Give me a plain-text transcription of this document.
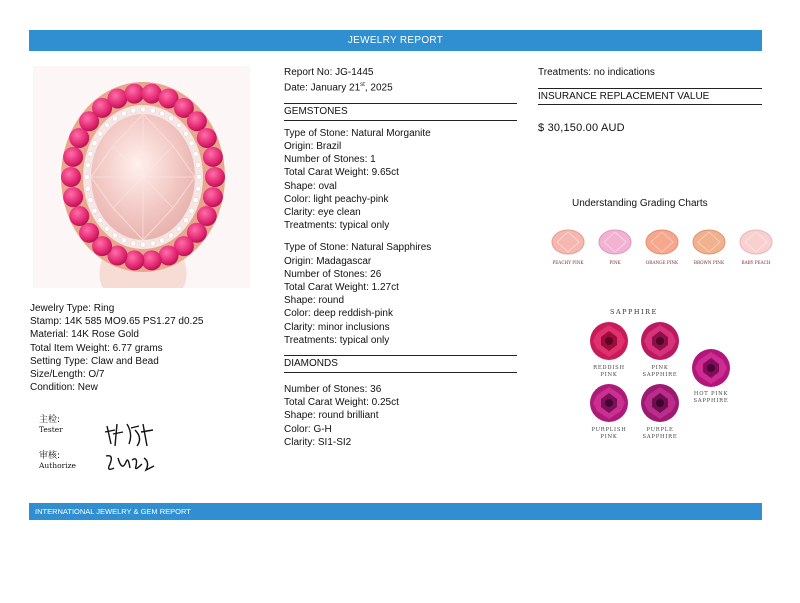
JEWELRY REPORT
Jewelry Type: Ring
Stamp: 14K 585 MO9.65 PS1.27 d0.25
Material: 14K Rose Gold
Total Item Weight: 6.77 grams
Setting Type: Claw and Bead
Size/Length: O/7
Condition: New
主检:
Tester
审核:
Authorize
Report No: JG-1445
Date: January 21st, 2025
GEMSTONES
Type of Stone: Natural Morganite
Origin: Brazil
Number of Stones: 1
Total Carat Weight: 9.65ct
Shape: oval
Color: light peachy-pink
Clarity: eye clean
Treatments: typical only
Type of Stone: Natural Sapphires
Origin: Madagascar
Number of Stones: 26
Total Carat Weight: 1.27ct
Shape: round
Color: deep reddish-pink
Clarity: minor inclusions
Treatments: typical only
DIAMONDS
Number of Stones: 36
Total Carat Weight: 0.25ct
Shape: round brilliant
Color: G-H
Clarity: SI1-SI2
Treatments: no indications
INSURANCE REPLACEMENT VALUE
$ 30,150.00 AUD
Understanding Grading Charts
PEACHY PINK	PINK	ORANGE PINK	BROWN PINK	BABY PEACH
SAPPHIRE
REDDISH
PINK
PINK
SAPPHIRE
HOT PINK
SAPPHIRE
PURPLISH
PINK
PURPLE
SAPPHIRE
INTERNATIONAL JEWELRY & GEM REPORT
2ND FLOOR CHINA RAILWAY BUILDING 81-3, NONGLINXIA RD, GUANGZHOU CHINA 510080
